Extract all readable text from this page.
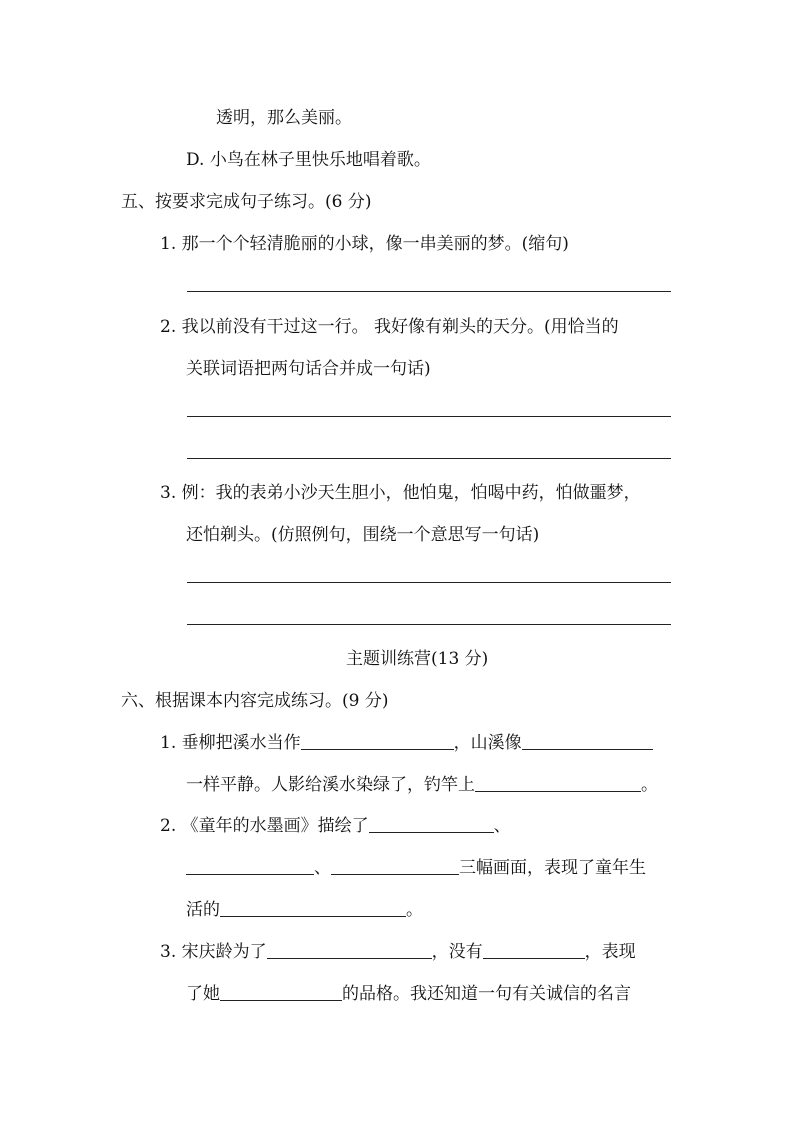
透明，那么美丽。
D. 小鸟在林子里快乐地唱着歌。
五、按要求完成句子练习。(6 分)
1. 那一个个轻清脆丽的小球，像一串美丽的梦。(缩句)
2. 我以前没有干过这一行。 我好像有剃头的天分。(用恰当的
关联词语把两句话合并成一句话)
3. 例：我的表弟小沙天生胆小，他怕鬼，怕喝中药，怕做噩梦，
还怕剃头。(仿照例句，围绕一个意思写一句话)
主题训练营(13 分)
六、根据课本内容完成练习。(9 分)
1. 垂柳把溪水当作	，山溪像
一样平静。人影给溪水染绿了，钓竿上	。
2. 《童年的水墨画》描绘了	、
、	三幅画面，表现了童年生
活的	。
3. 宋庆龄为了	，没有	，表现
了她	的品格。我还知道一句有关诚信的名言
